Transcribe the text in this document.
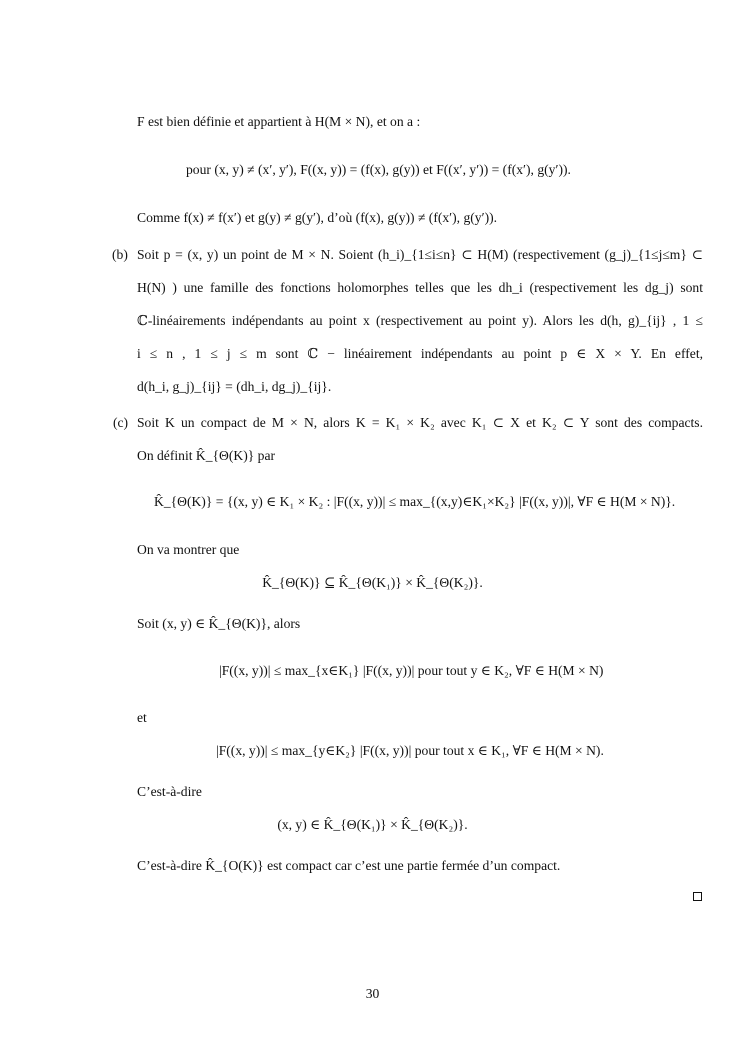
F est bien définie et appartient à H(M × N), et on a :
pour (x, y) ≠ (x′, y′), F((x, y)) = (f(x), g(y)) et F((x′, y′)) = (f(x′), g(y′)).
Comme f(x) ≠ f(x′) et g(y) ≠ g(y′), d’où (f(x), g(y)) ≠ (f(x′), g(y′)).
(b) Soit p = (x, y) un point de M × N. Soient (h_i)_{1≤i≤n} ⊂ H(M) (respectivement (g_j)_{1≤j≤m} ⊂
H(N) ) une famille des fonctions holomorphes telles que les dh_i (respectivement les dg_j) sont
ℂ-linéairements indépendants au point x (respectivement au point y). Alors les d(h, g)_{ij} , 1 ≤
i ≤ n , 1 ≤ j ≤ m sont ℂ − linéairement indépendants au point p ∈ X × Y. En effet,
d(h_i, g_j)_{ij} = (dh_i, dg_j)_{ij}.
(c) Soit K un compact de M × N, alors K = K₁ × K₂ avec K₁ ⊂ X et K₂ ⊂ Y sont des compacts.
On définit K̂_{Θ(K)} par
K̂_{Θ(K)} = {(x, y) ∈ K₁ × K₂ : |F((x, y))| ≤ max_{(x,y)∈K₁×K₂} |F((x, y))|, ∀F ∈ H(M × N)}.
On va montrer que
K̂_{Θ(K)} ⊆ K̂_{Θ(K₁)} × K̂_{Θ(K₂)}.
Soit (x, y) ∈ K̂_{Θ(K)}, alors
|F((x, y))| ≤ max_{x∈K₁} |F((x, y))| pour tout y ∈ K₂, ∀F ∈ H(M × N)
et
|F((x, y))| ≤ max_{y∈K₂} |F((x, y))| pour tout x ∈ K₁, ∀F ∈ H(M × N).
C’est-à-dire
(x, y) ∈ K̂_{Θ(K₁)} × K̂_{Θ(K₂)}.
C’est-à-dire K̂_{O(K)} est compact car c’est une partie fermée d’un compact.
30
